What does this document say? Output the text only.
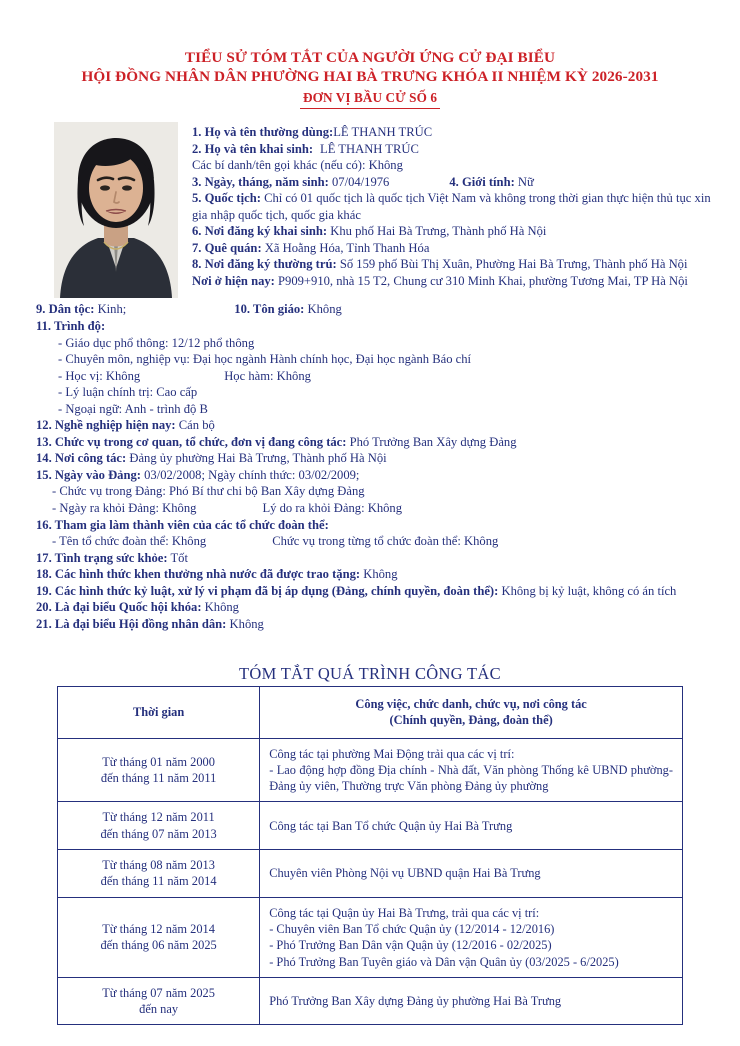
TIỂU SỬ TÓM TẮT CỦA NGƯỜI ỨNG CỬ ĐẠI BIỂU
HỘI ĐỒNG NHÂN DÂN PHƯỜNG HAI BÀ TRƯNG KHÓA II NHIỆM KỲ 2026-2031
ĐƠN VỊ BẦU CỬ SỐ 6
1. Họ và tên thường dùng:LÊ THANH TRÚC
2. Họ và tên khai sinh: LÊ THANH TRÚC
Các bí danh/tên gọi khác (nếu có): Không
3. Ngày, tháng, năm sinh: 07/04/1976	4. Giới tính: Nữ
5. Quốc tịch: Chỉ có 01 quốc tịch là quốc tịch Việt Nam và không trong thời gian thực hiện thủ tục xin gia nhập quốc tịch, quốc gia khác
6. Nơi đăng ký khai sinh: Khu phố Hai Bà Trưng, Thành phố Hà Nội
7. Quê quán: Xã Hoằng Hóa, Tỉnh Thanh Hóa
8. Nơi đăng ký thường trú: Số 159 phố Bùi Thị Xuân, Phường Hai Bà Trưng, Thành phố Hà Nội
Nơi ở hiện nay: P909+910, nhà 15 T2, Chung cư 310 Minh Khai, phường Tương Mai, TP Hà Nội
9. Dân tộc: Kinh;	10. Tôn giáo: Không
11. Trình độ:
- Giáo dục phổ thông: 12/12 phổ thông
- Chuyên môn, nghiệp vụ: Đại học ngành Hành chính học, Đại học ngành Báo chí
- Học vị: Không	Học hàm: Không
- Lý luận chính trị: Cao cấp
- Ngoại ngữ: Anh - trình độ B
12. Nghề nghiệp hiện nay: Cán bộ
13. Chức vụ trong cơ quan, tổ chức, đơn vị đang công tác: Phó Trưởng Ban Xây dựng Đảng
14. Nơi công tác: Đảng ủy phường Hai Bà Trưng, Thành phố Hà Nội
15. Ngày vào Đảng: 03/02/2008; Ngày chính thức: 03/02/2009;
- Chức vụ trong Đảng: Phó Bí thư chi bộ Ban Xây dựng Đảng
- Ngày ra khỏi Đảng: Không	Lý do ra khỏi Đảng: Không
16. Tham gia làm thành viên của các tổ chức đoàn thể:
- Tên tổ chức đoàn thể: Không	Chức vụ trong từng tổ chức đoàn thể: Không
17. Tình trạng sức khỏe: Tốt
18. Các hình thức khen thưởng nhà nước đã được trao tặng: Không
19. Các hình thức kỷ luật, xử lý vi phạm đã bị áp dụng (Đảng, chính quyền, đoàn thể): Không bị kỷ luật, không có án tích
20. Là đại biểu Quốc hội khóa: Không
21. Là đại biểu Hội đồng nhân dân: Không
TÓM TẮT QUÁ TRÌNH CÔNG TÁC
Thời gian	Công việc, chức danh, chức vụ, nơi công tác
(Chính quyền, Đảng, đoàn thể)

Từ tháng 01 năm 2000
đến tháng 11 năm 2011	Công tác tại phường Mai Động trải qua các vị trí:
- Lao động hợp đồng Địa chính - Nhà đất, Văn phòng Thống kê UBND phường- Đảng ủy viên, Thường trực Văn phòng Đảng ủy phường

Từ tháng 12 năm 2011
đến tháng 07 năm 2013	Công tác tại Ban Tổ chức Quận ủy Hai Bà Trưng

Từ tháng 08 năm 2013
đến tháng 11 năm 2014	Chuyên viên Phòng Nội vụ UBND quận Hai Bà Trưng

Từ tháng 12 năm 2014
đến tháng 06 năm 2025	Công tác tại Quận ủy Hai Bà Trưng, trải qua các vị trí:
- Chuyên viên Ban Tổ chức Quận ủy (12/2014 - 12/2016)
- Phó Trưởng Ban Dân vận Quận ủy (12/2016 - 02/2025)
- Phó Trưởng Ban Tuyên giáo và Dân vận Quân ủy (03/2025 - 6/2025)

Từ tháng 07 năm 2025
đến nay	Phó Trưởng Ban Xây dựng Đảng ủy phường Hai Bà Trưng
